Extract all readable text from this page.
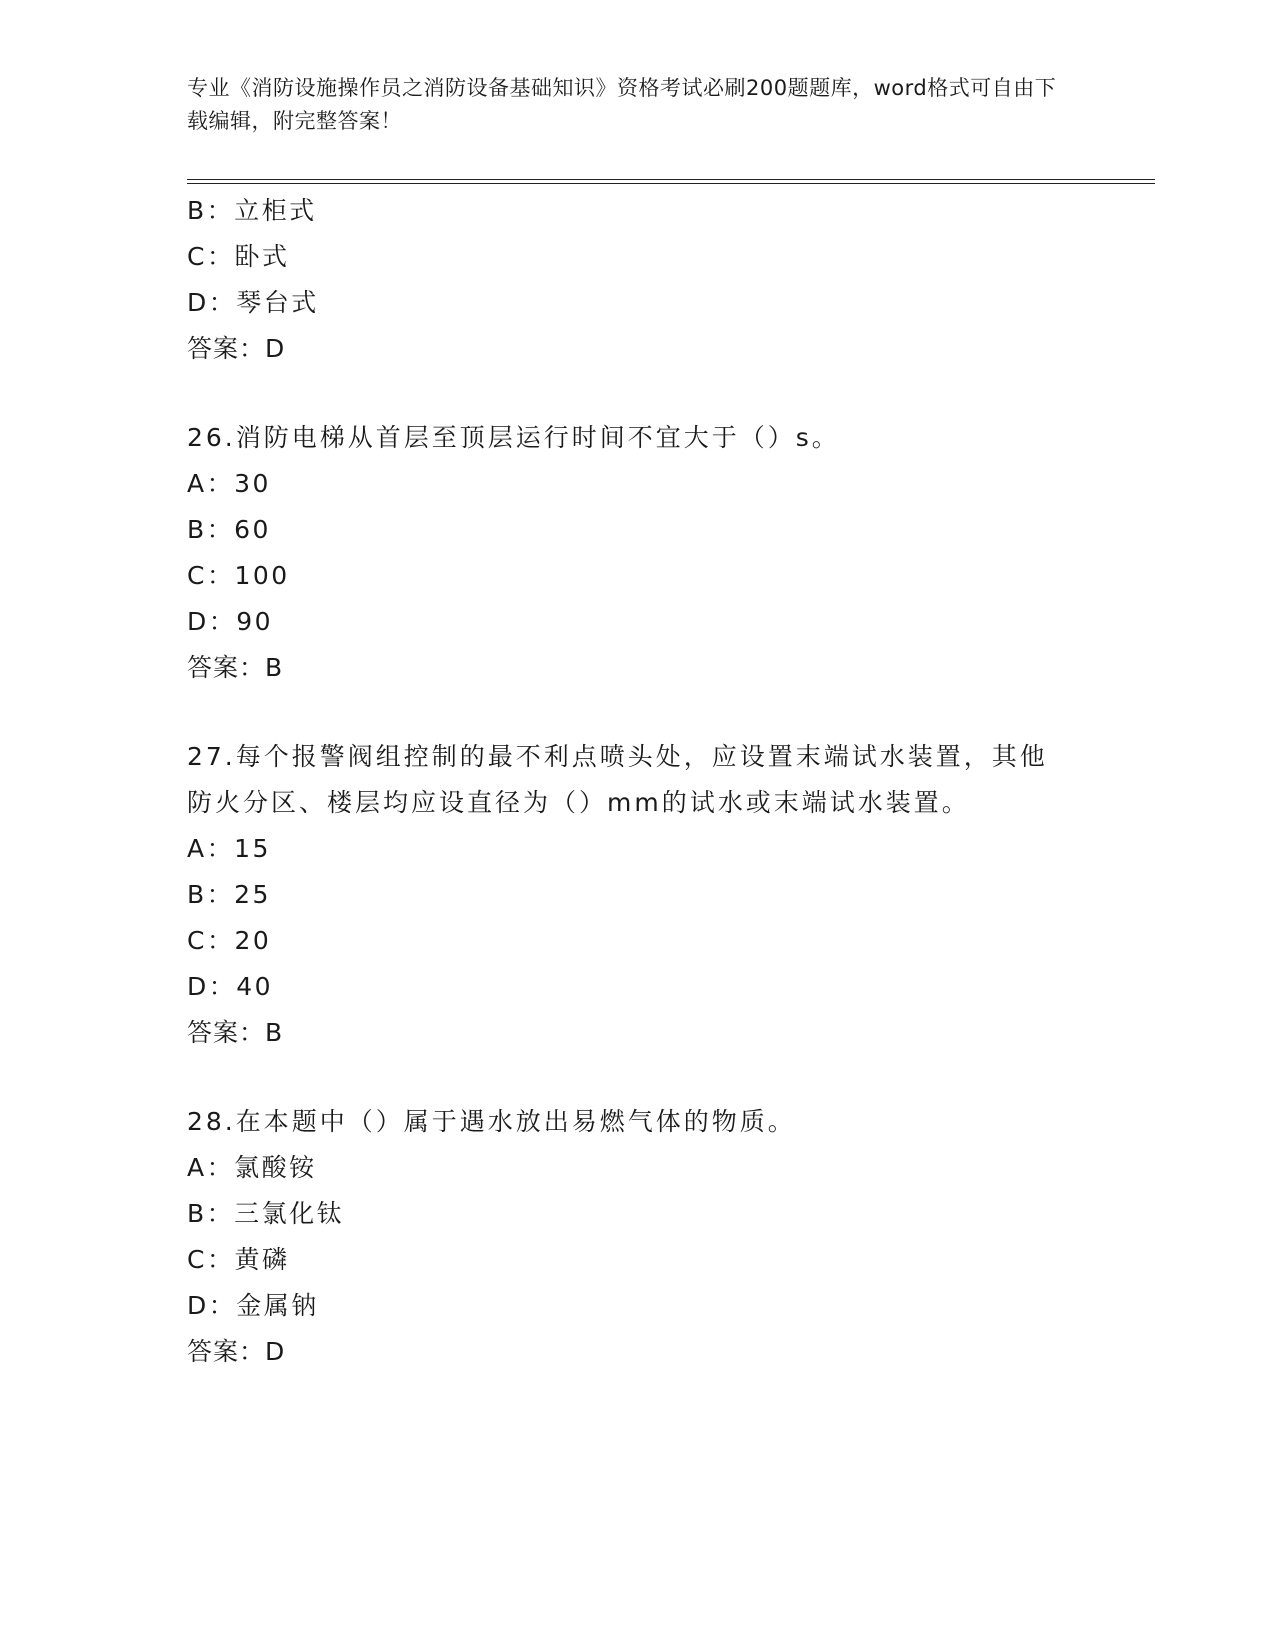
专业《消防设施操作员之消防设备基础知识》资格考试必刷200题题库，word格式可自由下载编辑，附完整答案！
B：立柜式
C：卧式
D：琴台式
答案：D
26.消防电梯从首层至顶层运行时间不宜大于（）s。
A：30
B：60
C：100
D：90
答案：B
27.每个报警阀组控制的最不利点喷头处，应设置末端试水装置，其他防火分区、楼层均应设直径为（）mm的试水或末端试水装置。
A：15
B：25
C：20
D：40
答案：B
28.在本题中（）属于遇水放出易燃气体的物质。
A：氯酸铵
B：三氯化钛
C：黄磷
D：金属钠
答案：D
